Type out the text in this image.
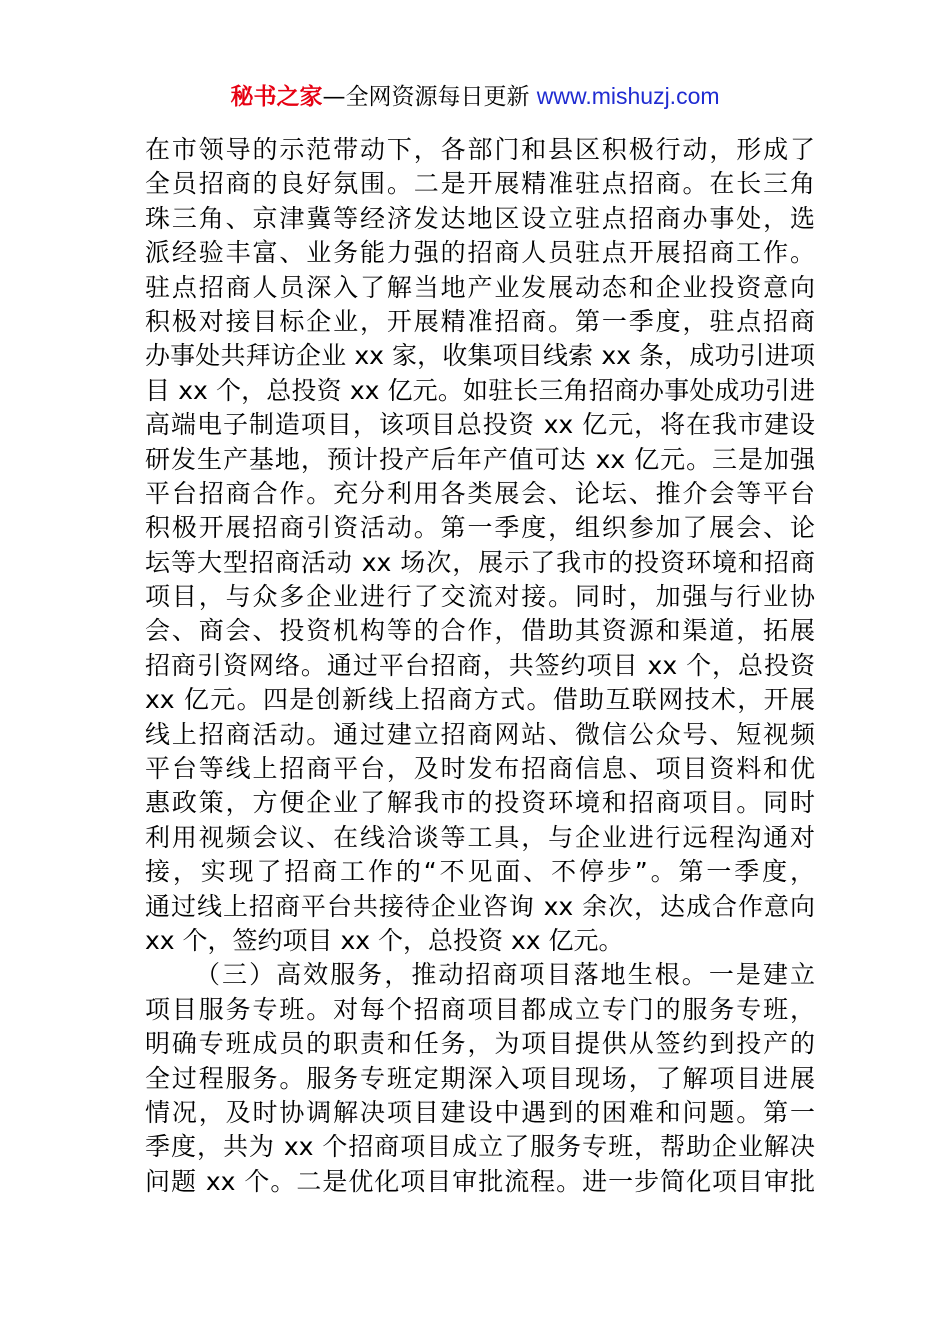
秘书之家—全网资源每日更新 www.mishuzj.com
在市领导的示范带动下，各部门和县区积极行动，形成了
全员招商的良好氛围。二是开展精准驻点招商。在长三角
珠三角、京津冀等经济发达地区设立驻点招商办事处，选
派经验丰富、业务能力强的招商人员驻点开展招商工作。
驻点招商人员深入了解当地产业发展动态和企业投资意向
积极对接目标企业，开展精准招商。第一季度，驻点招商
办事处共拜访企业 xx 家，收集项目线索 xx 条，成功引进项
目 xx 个，总投资 xx 亿元。如驻长三角招商办事处成功引进
高端电子制造项目，该项目总投资 xx 亿元，将在我市建设
研发生产基地，预计投产后年产值可达 xx 亿元。三是加强
平台招商合作。充分利用各类展会、论坛、推介会等平台
积极开展招商引资活动。第一季度，组织参加了展会、论
坛等大型招商活动 xx 场次，展示了我市的投资环境和招商
项目，与众多企业进行了交流对接。同时，加强与行业协
会、商会、投资机构等的合作，借助其资源和渠道，拓展
招商引资网络。通过平台招商，共签约项目 xx 个，总投资
xx 亿元。四是创新线上招商方式。借助互联网技术，开展
线上招商活动。通过建立招商网站、微信公众号、短视频
平台等线上招商平台，及时发布招商信息、项目资料和优
惠政策，方便企业了解我市的投资环境和招商项目。同时
利用视频会议、在线洽谈等工具，与企业进行远程沟通对
接，实现了招商工作的“不见面、不停步”。第一季度，
通过线上招商平台共接待企业咨询 xx 余次，达成合作意向
xx 个，签约项目 xx 个，总投资 xx 亿元。
（三）高效服务，推动招商项目落地生根。一是建立
项目服务专班。对每个招商项目都成立专门的服务专班，
明确专班成员的职责和任务，为项目提供从签约到投产的
全过程服务。服务专班定期深入项目现场，了解项目进展
情况，及时协调解决项目建设中遇到的困难和问题。第一
季度，共为 xx 个招商项目成立了服务专班，帮助企业解决
问题 xx 个。二是优化项目审批流程。进一步简化项目审批
